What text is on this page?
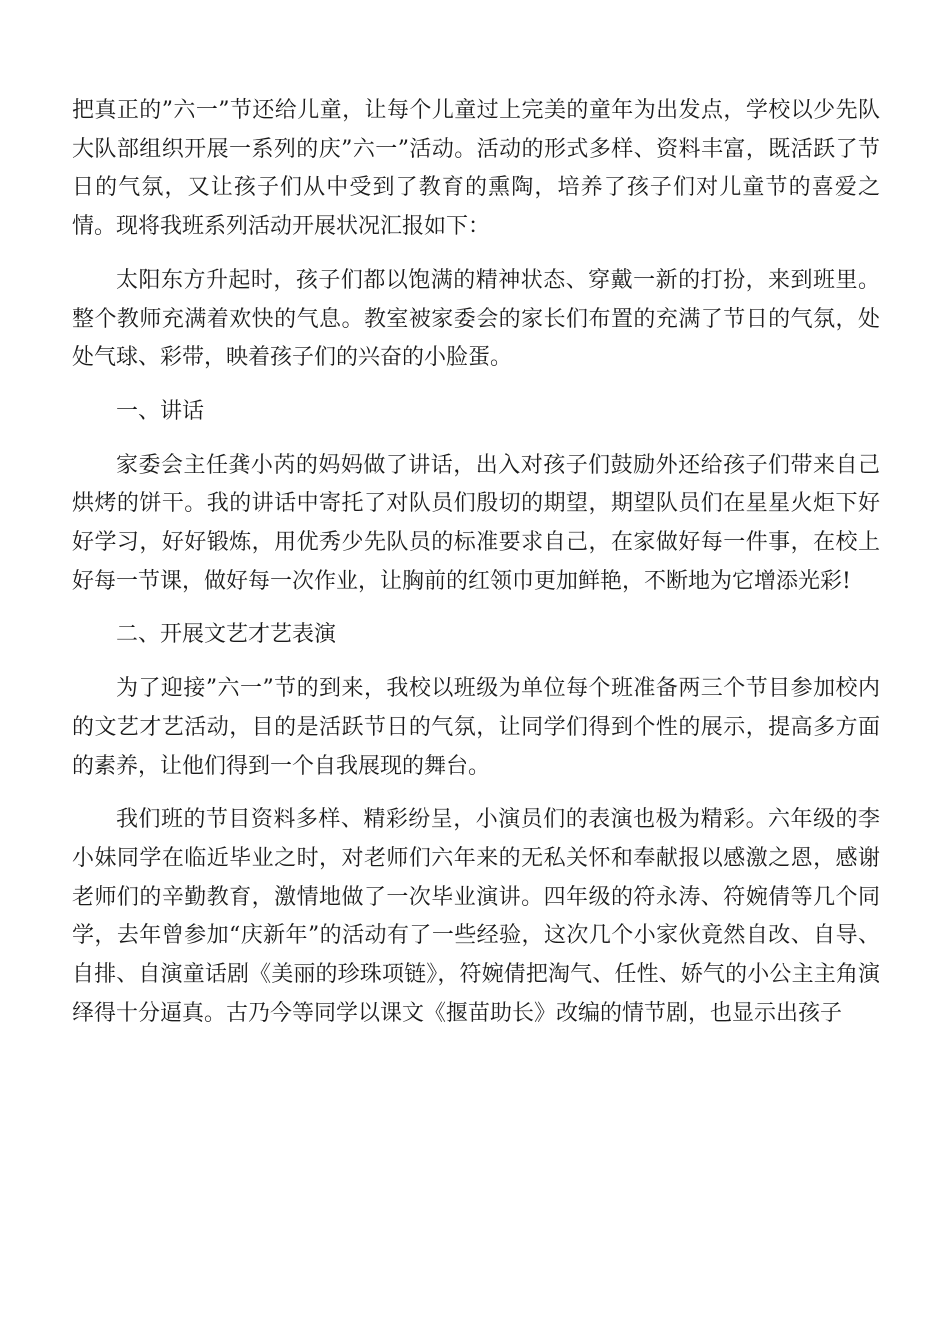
把真正的”六一”节还给儿童，让每个儿童过上完美的童年为出发点，学校以少先队大队部组织开展一系列的庆”六一”活动。活动的形式多样、资料丰富，既活跃了节日的气氛，又让孩子们从中受到了教育的熏陶，培养了孩子们对儿童节的喜爱之情。现将我班系列活动开展状况汇报如下：

太阳东方升起时，孩子们都以饱满的精神状态、穿戴一新的打扮，来到班里。整个教师充满着欢快的气息。教室被家委会的家长们布置的充满了节日的气氛，处处气球、彩带，映着孩子们的兴奋的小脸蛋。

一、讲话

家委会主任龚小芮的妈妈做了讲话，出入对孩子们鼓励外还给孩子们带来自己烘烤的饼干。我的讲话中寄托了对队员们殷切的期望，期望队员们在星星火炬下好好学习，好好锻炼，用优秀少先队员的标准要求自己，在家做好每一件事，在校上好每一节课，做好每一次作业，让胸前的红领巾更加鲜艳，不断地为它增添光彩!

二、开展文艺才艺表演

为了迎接”六一”节的到来，我校以班级为单位每个班准备两三个节目参加校内的文艺才艺活动，目的是活跃节日的气氛，让同学们得到个性的展示，提高多方面的素养，让他们得到一个自我展现的舞台。

我们班的节目资料多样、精彩纷呈，小演员们的表演也极为精彩。六年级的李小妹同学在临近毕业之时，对老师们六年来的无私关怀和奉献报以感激之恩，感谢老师们的辛勤教育，激情地做了一次毕业演讲。四年级的符永涛、符婉倩等几个同学，去年曾参加“庆新年”的活动有了一些经验，这次几个小家伙竟然自改、自导、自排、自演童话剧《美丽的珍珠项链》，符婉倩把淘气、任性、娇气的小公主主角演绎得十分逼真。古乃今等同学以课文《揠苗助长》改编的情节剧，也显示出孩子
